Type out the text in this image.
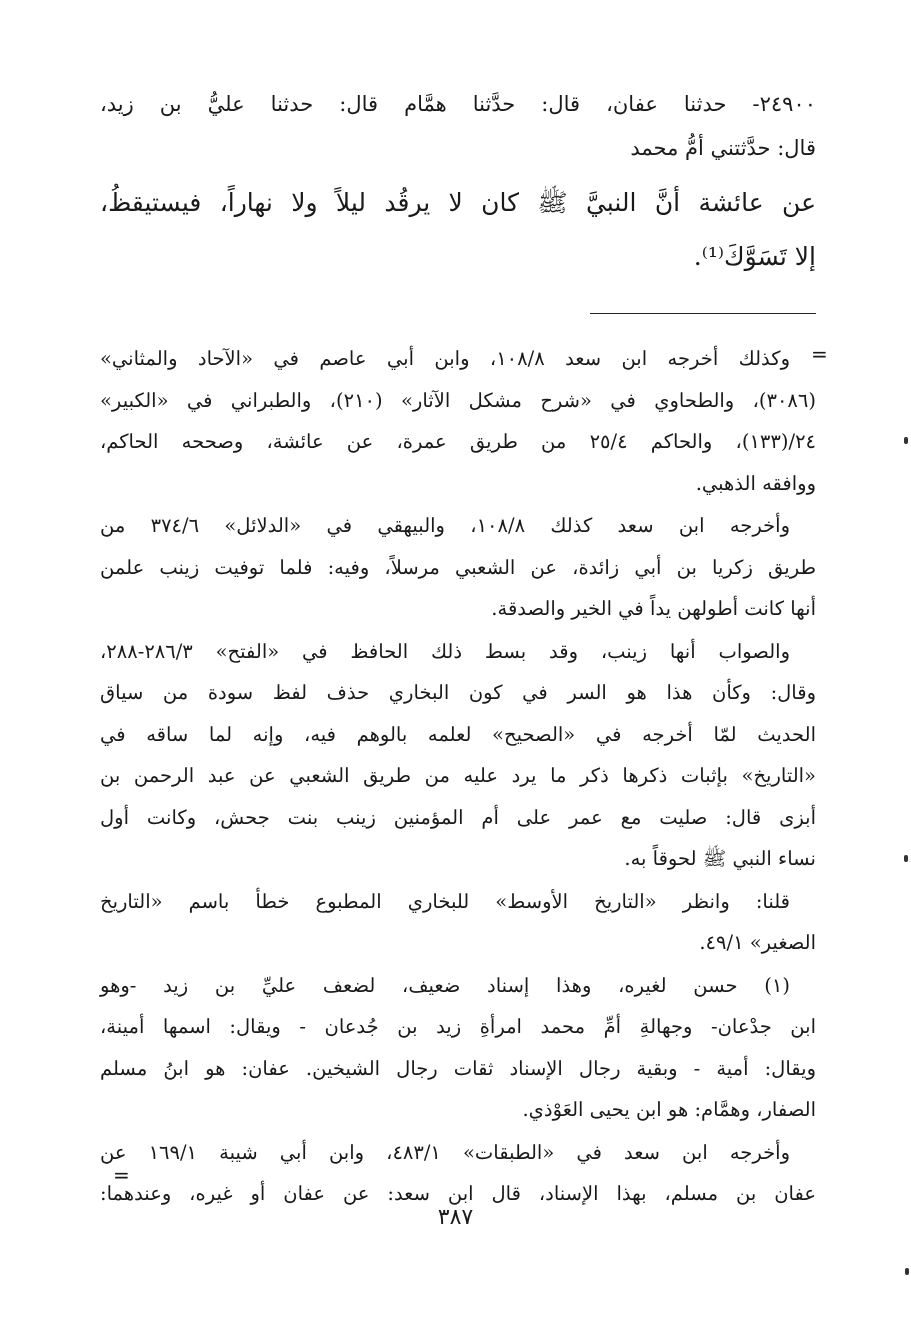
٢٤٩٠٠- حدثنا عفان، قال: حدَّثنا همَّام قال: حدثنا عليُّ بن زيد،
قال: حدَّثتني أمُّ محمد
عن عائشة أنَّ النبيَّ ﷺ كان لا يرقُد ليلاً ولا نهاراً، فيستيقظُ،
إلا تَسَوَّكَ⁽¹⁾.
=
وكذلك أخرجه ابن سعد ١٠٨/٨، وابن أبي عاصم في «الآحاد والمثاني»
(٣٠٨٦)، والطحاوي في «شرح مشكل الآثار» (٢١٠)، والطبراني في «الكبير»
٢٤/(١٣٣)، والحاكم ٢٥/٤ من طريق عمرة، عن عائشة، وصححه الحاكم،
ووافقه الذهبي.
وأخرجه ابن سعد كذلك ١٠٨/٨، والبيهقي في «الدلائل» ٣٧٤/٦ من
طريق زكريا بن أبي زائدة، عن الشعبي مرسلاً، وفيه: فلما توفيت زينب علمن
أنها كانت أطولهن يداً في الخير والصدقة.
والصواب أنها زينب، وقد بسط ذلك الحافظ في «الفتح» ٢٨٦/٣-٢٨٨،
وقال: وكأن هذا هو السر في كون البخاري حذف لفظ سودة من سياق
الحديث لمّا أخرجه في «الصحيح» لعلمه بالوهم فيه، وإنه لما ساقه في
«التاريخ» بإثبات ذكرها ذكر ما يرد عليه من طريق الشعبي عن عبد الرحمن بن
أبزى قال: صليت مع عمر على أم المؤمنين زينب بنت جحش، وكانت أول
نساء النبي ﷺ لحوقاً به.
قلنا: وانظر «التاريخ الأوسط» للبخاري المطبوع خطأ باسم «التاريخ
الصغير» ٤٩/١.
(١) حسن لغيره، وهذا إسناد ضعيف، لضعف عليِّ بن زيد -وهو
ابن جدْعان- وجهالةِ أمِّ محمد امرأةِ زيد بن جُدعان - ويقال: اسمها أمينة،
ويقال: أمية - وبقية رجال الإسناد ثقات رجال الشيخين. عفان: هو ابنُ مسلم
الصفار، وهمَّام: هو ابن يحيى العَوْذي.
وأخرجه ابن سعد في «الطبقات» ٤٨٣/١، وابن أبي شيبة ١٦٩/١ عن
عفان بن مسلم، بهذا الإسناد، قال ابن سعد: عن عفان أو غيره، وعندهما:
=
٣٨٧
